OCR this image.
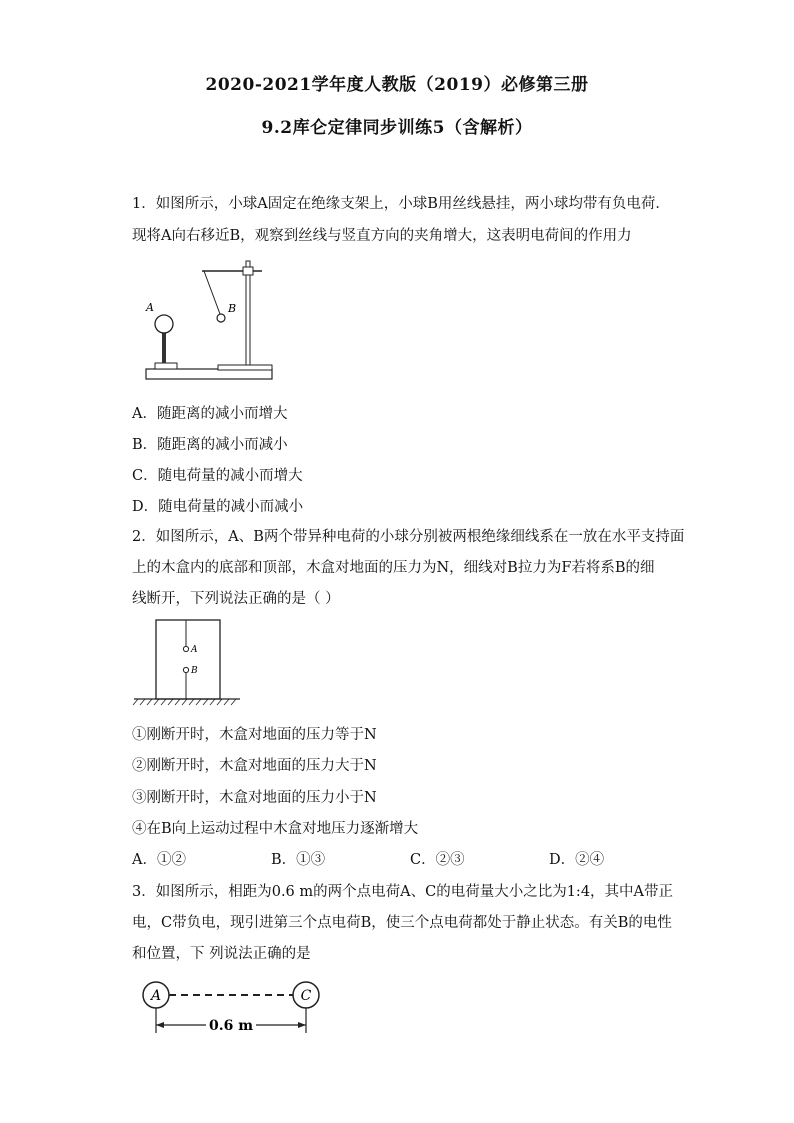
2020-2021学年度人教版（2019）必修第三册
9.2库仑定律同步训练5（含解析）
1．如图所示，小球A固定在绝缘支架上，小球B用丝线悬挂，两小球均带有负电荷．
现将A向右移近B，观察到丝线与竖直方向的夹角增大，这表明电荷间的作用力
A	B
A．随距离的减小而增大
B．随距离的减小而减小
C．随电荷量的减小而增大
D．随电荷量的减小而减小
2．如图所示，A、B两个带异种电荷的小球分别被两根绝缘细线系在一放在水平支持面
上的木盒内的底部和顶部，木盒对地面的压力为N，细线对B拉力为F若将系B的细
线断开，下列说法正确的是（ ）
A
B
①刚断开时，木盒对地面的压力等于N
②刚断开时，木盒对地面的压力大于N
③刚断开时，木盒对地面的压力小于N
④在B向上运动过程中木盒对地压力逐渐增大
A．①②	B．①③	C．②③	D．②④
3．如图所示，相距为0.6 m的两个点电荷A、C的电荷量大小之比为1:4，其中A带正
电，C带负电，现引进第三个点电荷B，使三个点电荷都处于静止状态。有关B的电性
和位置，下 列说法正确的是
A	C
0.6 m
